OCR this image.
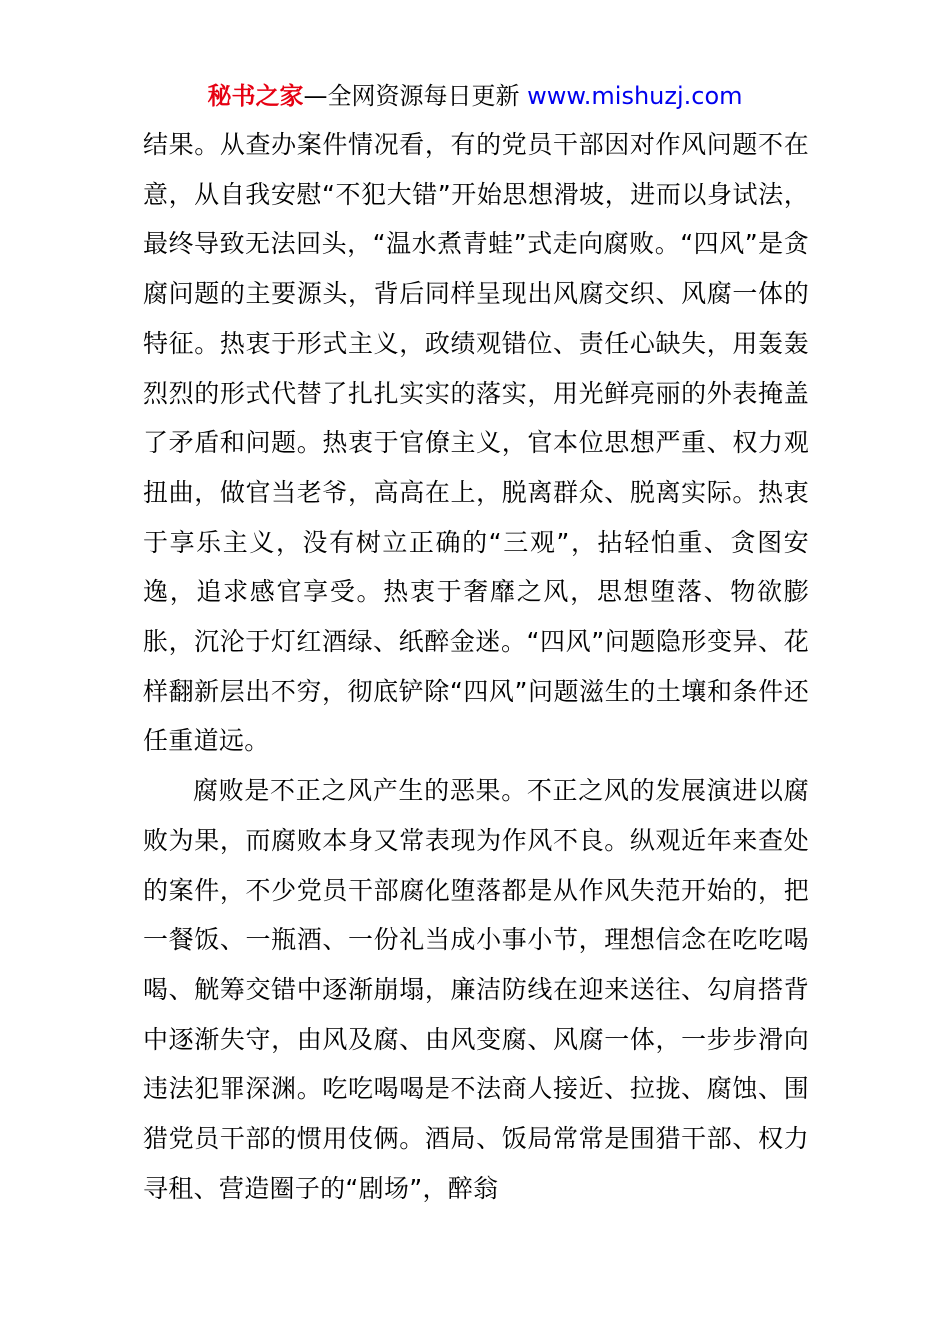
秘书之家—全网资源每日更新 www.mishuzj.com

结果。从查办案件情况看，有的党员干部因对作风问题不在意，从自我安慰“不犯大错”开始思想滑坡，进而以身试法，最终导致无法回头，“温水煮青蛙”式走向腐败。“四风”是贪腐问题的主要源头，背后同样呈现出风腐交织、风腐一体的特征。热衷于形式主义，政绩观错位、责任心缺失，用轰轰烈烈的形式代替了扎扎实实的落实，用光鲜亮丽的外表掩盖了矛盾和问题。热衷于官僚主义，官本位思想严重、权力观扭曲，做官当老爷，高高在上，脱离群众、脱离实际。热衷于享乐主义，没有树立正确的“三观”，拈轻怕重、贪图安逸，追求感官享受。热衷于奢靡之风，思想堕落、物欲膨胀，沉沦于灯红酒绿、纸醉金迷。“四风”问题隐形变异、花样翻新层出不穷，彻底铲除“四风”问题滋生的土壤和条件还任重道远。

腐败是不正之风产生的恶果。不正之风的发展演进以腐败为果，而腐败本身又常表现为作风不良。纵观近年来查处的案件，不少党员干部腐化堕落都是从作风失范开始的，把一餐饭、一瓶酒、一份礼当成小事小节，理想信念在吃吃喝喝、觥筹交错中逐渐崩塌，廉洁防线在迎来送往、勾肩搭背中逐渐失守，由风及腐、由风变腐、风腐一体，一步步滑向违法犯罪深渊。吃吃喝喝是不法商人接近、拉拢、腐蚀、围猎党员干部的惯用伎俩。酒局、饭局常常是围猎干部、权力寻租、营造圈子的“剧场”，醉翁
